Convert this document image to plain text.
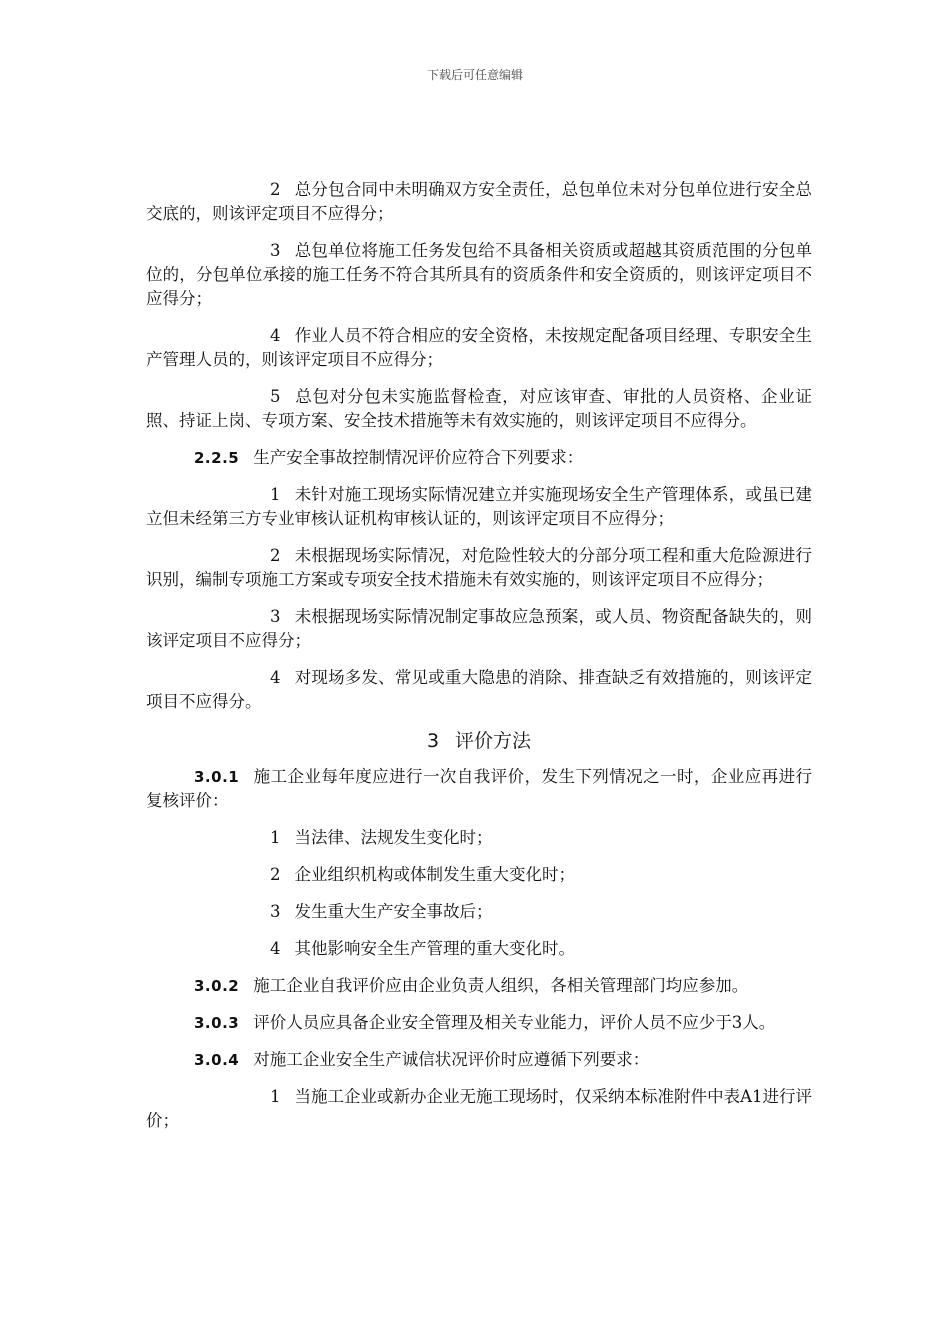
下载后可任意编辑

2 总分包合同中未明确双方安全责任，总包单位未对分包单位进行安全总交底的，则该评定项目不应得分；

3 总包单位将施工任务发包给不具备相关资质或超越其资质范围的分包单位的，分包单位承接的施工任务不符合其所具有的资质条件和安全资质的，则该评定项目不应得分；

4 作业人员不符合相应的安全资格，未按规定配备项目经理、专职安全生产管理人员的，则该评定项目不应得分；

5 总包对分包未实施监督检查，对应该审查、审批的人员资格、企业证照、持证上岗、专项方案、安全技术措施等未有效实施的，则该评定项目不应得分。

2.2.5 生产安全事故控制情况评价应符合下列要求：

1 未针对施工现场实际情况建立并实施现场安全生产管理体系，或虽已建立但未经第三方专业审核认证机构审核认证的，则该评定项目不应得分；

2 未根据现场实际情况，对危险性较大的分部分项工程和重大危险源进行识别，编制专项施工方案或专项安全技术措施未有效实施的，则该评定项目不应得分；

3 未根据现场实际情况制定事故应急预案，或人员、物资配备缺失的，则该评定项目不应得分；

4 对现场多发、常见或重大隐患的消除、排查缺乏有效措施的，则该评定项目不应得分。

3 评价方法

3.0.1 施工企业每年度应进行一次自我评价，发生下列情况之一时，企业应再进行复核评价：

1 当法律、法规发生变化时；

2 企业组织机构或体制发生重大变化时；

3 发生重大生产安全事故后；

4 其他影响安全生产管理的重大变化时。

3.0.2 施工企业自我评价应由企业负责人组织，各相关管理部门均应参加。

3.0.3 评价人员应具备企业安全管理及相关专业能力，评价人员不应少于3人。

3.0.4 对施工企业安全生产诚信状况评价时应遵循下列要求：

1 当施工企业或新办企业无施工现场时，仅采纳本标准附件中表A1进行评价；
